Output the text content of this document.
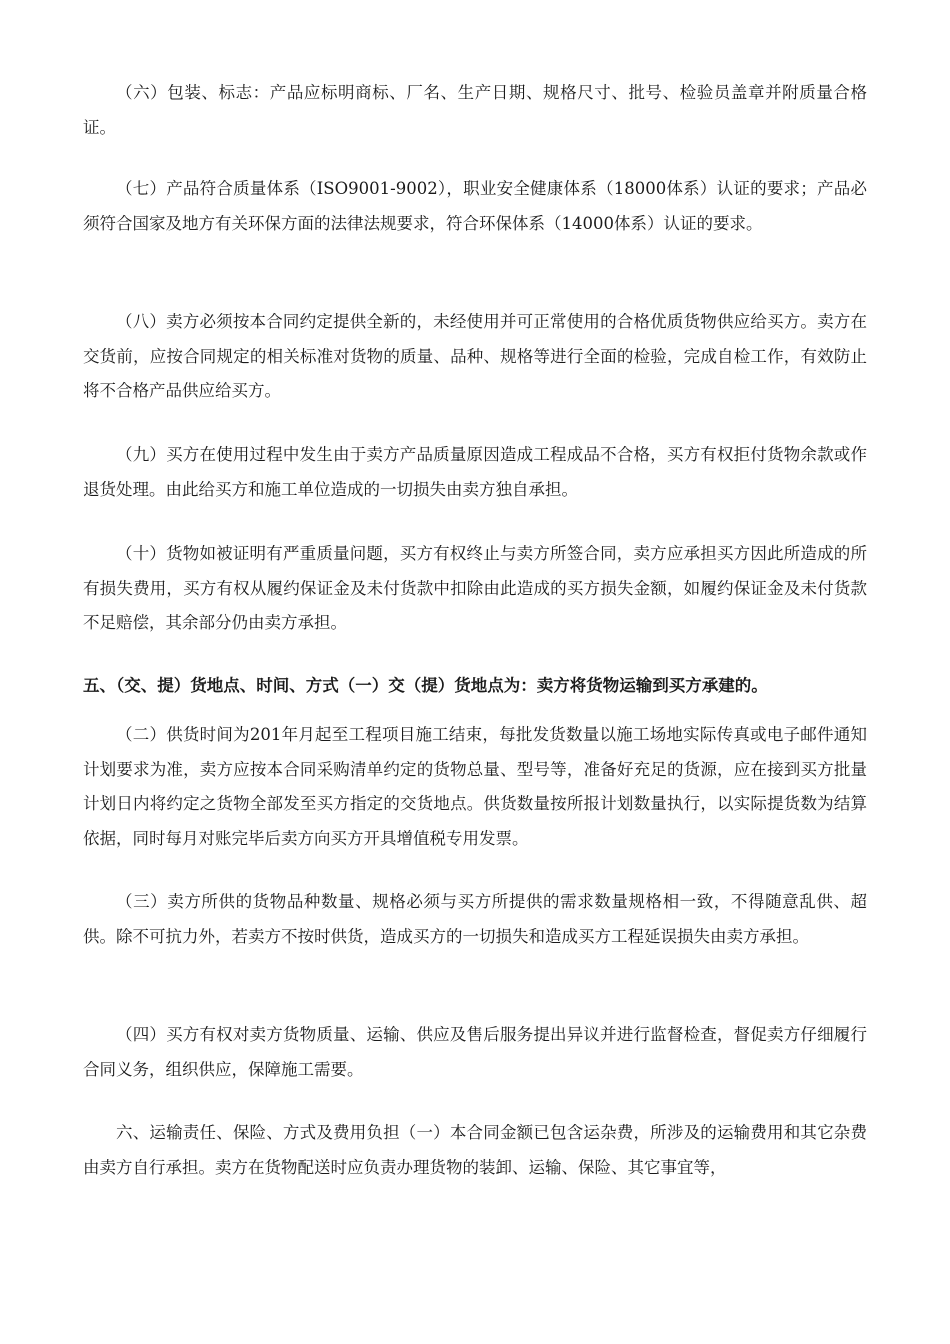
（六）包装、标志：产品应标明商标、厂名、生产日期、规格尺寸、批号、检验员盖章并附质量合格证。

（七）产品符合质量体系（ISO9001-9002），职业安全健康体系（18000体系）认证的要求；产品必须符合国家及地方有关环保方面的法律法规要求，符合环保体系（14000体系）认证的要求。

（八）卖方必须按本合同约定提供全新的，未经使用并可正常使用的合格优质货物供应给买方。卖方在交货前，应按合同规定的相关标准对货物的质量、品种、规格等进行全面的检验，完成自检工作，有效防止将不合格产品供应给买方。

（九）买方在使用过程中发生由于卖方产品质量原因造成工程成品不合格，买方有权拒付货物余款或作退货处理。由此给买方和施工单位造成的一切损失由卖方独自承担。

（十）货物如被证明有严重质量问题，买方有权终止与卖方所签合同，卖方应承担买方因此所造成的所有损失费用，买方有权从履约保证金及未付货款中扣除由此造成的买方损失金额，如履约保证金及未付货款不足赔偿，其余部分仍由卖方承担。

五、（交、提）货地点、时间、方式（一）交（提）货地点为：卖方将货物运输到买方承建的。

（二）供货时间为201年月起至工程项目施工结束，每批发货数量以施工场地实际传真或电子邮件通知计划要求为准，卖方应按本合同采购清单约定的货物总量、型号等，准备好充足的货源，应在接到买方批量计划日内将约定之货物全部发至买方指定的交货地点。供货数量按所报计划数量执行，以实际提货数为结算依据，同时每月对账完毕后卖方向买方开具增值税专用发票。

（三）卖方所供的货物品种数量、规格必须与买方所提供的需求数量规格相一致，不得随意乱供、超供。除不可抗力外，若卖方不按时供货，造成买方的一切损失和造成买方工程延误损失由卖方承担。

（四）买方有权对卖方货物质量、运输、供应及售后服务提出异议并进行监督检查，督促卖方仔细履行合同义务，组织供应，保障施工需要。

六、运输责任、保险、方式及费用负担（一）本合同金额已包含运杂费，所涉及的运输费用和其它杂费由卖方自行承担。卖方在货物配送时应负责办理货物的装卸、运输、保险、其它事宜等，
